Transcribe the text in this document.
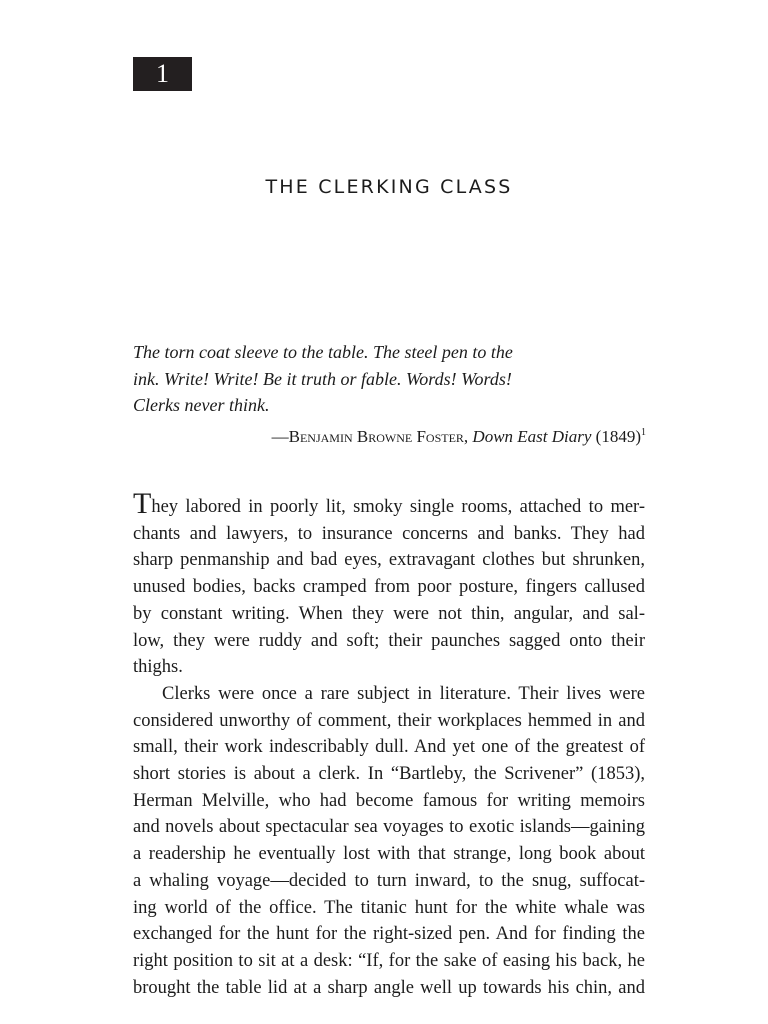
1
THE CLERKING CLASS
The torn coat sleeve to the table. The steel pen to the
ink. Write! Write! Be it truth or fable. Words! Words!
Clerks never think.
—Benjamin Browne Foster, Down East Diary $(1849)^1$
They labored in poorly lit, smoky single rooms, attached to mer-
chants and lawyers, to insurance concerns and banks. They had
sharp penmanship and bad eyes, extravagant clothes but shrunken,
unused bodies, backs cramped from poor posture, fingers callused
by constant writing. When they were not thin, angular, and sal-
low, they were ruddy and soft; their paunches sagged onto their
thighs.
Clerks were once a rare subject in literature. Their lives were
considered unworthy of comment, their workplaces hemmed in and
small, their work indescribably dull. And yet one of the greatest of
short stories is about a clerk. In “Bartleby, the Scrivener” (1853),
Herman Melville, who had become famous for writing memoirs
and novels about spectacular sea voyages to exotic islands—gaining
a readership he eventually lost with that strange, long book about
a whaling voyage—decided to turn inward, to the snug, suffocat-
ing world of the office. The titanic hunt for the white whale was
exchanged for the hunt for the right-sized pen. And for finding the
right position to sit at a desk: “If, for the sake of easing his back, he
brought the table lid at a sharp angle well up towards his chin, and
